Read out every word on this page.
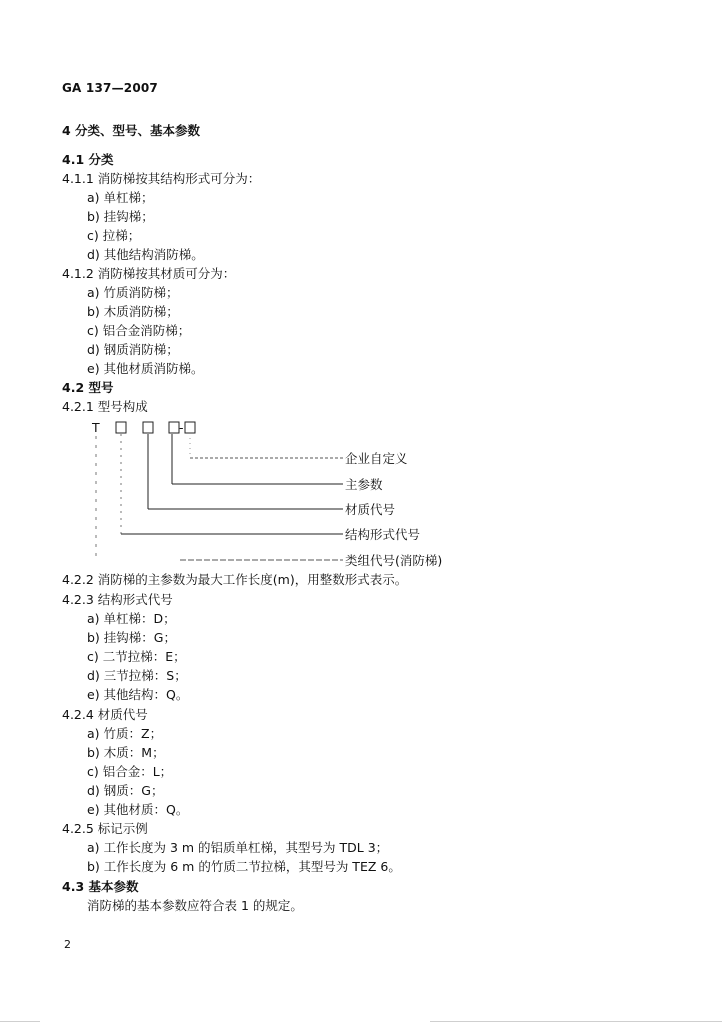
GA 137—2007
4 分类、型号、基本参数
4.1 分类
4.1.1 消防梯按其结构形式可分为：
a) 单杠梯；
b) 挂钩梯；
c) 拉梯；
d) 其他结构消防梯。
4.1.2 消防梯按其材质可分为：
a) 竹质消防梯；
b) 木质消防梯；
c) 铝合金消防梯；
d) 钢质消防梯；
e) 其他材质消防梯。
4.2 型号
4.2.1 型号构成
T	-
企业自定义
主参数
材质代号
结构形式代号
类组代号(消防梯)
4.2.2 消防梯的主参数为最大工作长度(m)，用整数形式表示。
4.2.3 结构形式代号
a) 单杠梯：D；
b) 挂钩梯：G；
c) 二节拉梯：E；
d) 三节拉梯：S；
e) 其他结构：Q。
4.2.4 材质代号
a) 竹质：Z；
b) 木质：M；
c) 铝合金：L；
d) 钢质：G；
e) 其他材质：Q。
4.2.5 标记示例
a) 工作长度为 3 m 的铝质单杠梯，其型号为 TDL 3；
b) 工作长度为 6 m 的竹质二节拉梯，其型号为 TEZ 6。
4.3 基本参数
消防梯的基本参数应符合表 1 的规定。
2
